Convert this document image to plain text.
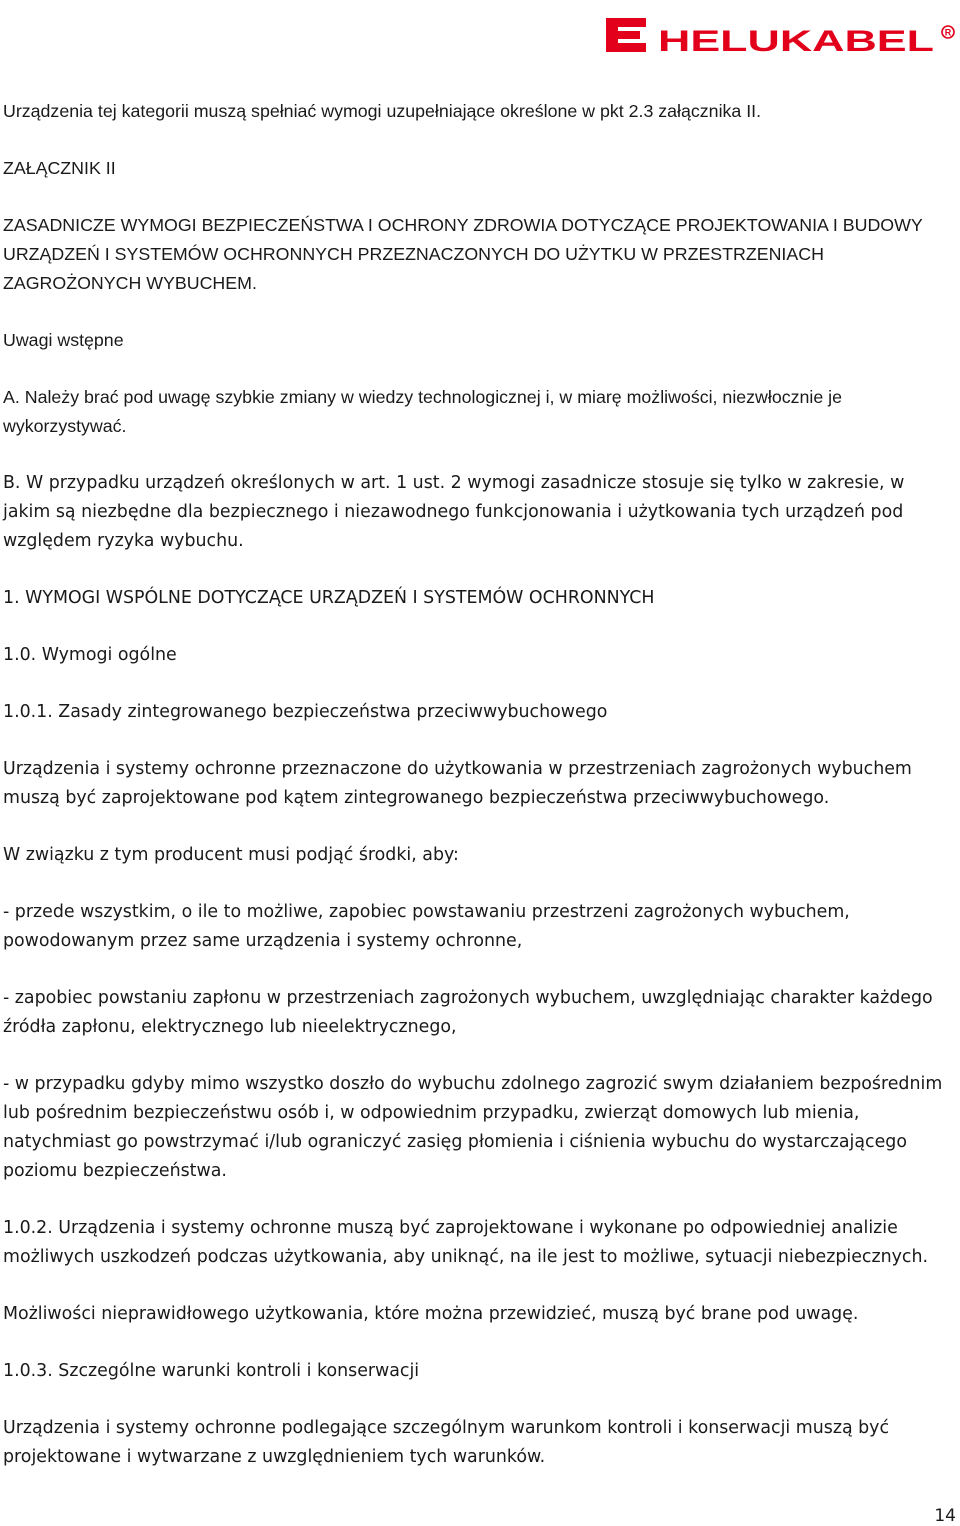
HELUKABEL R

Urządzenia tej kategorii muszą spełniać wymogi uzupełniające określone w pkt 2.3 załącznika II.

ZAŁĄCZNIK II

ZASADNICZE WYMOGI BEZPIECZEŃSTWA I OCHRONY ZDROWIA DOTYCZĄCE PROJEKTOWANIA I BUDOWY
URZĄDZEŃ I SYSTEMÓW OCHRONNYCH PRZEZNACZONYCH DO UŻYTKU W PRZESTRZENIACH
ZAGROŻONYCH WYBUCHEM.

Uwagi wstępne

A. Należy brać pod uwagę szybkie zmiany w wiedzy technologicznej i, w miarę możliwości, niezwłocznie je
wykorzystywać.

B. W przypadku urządzeń określonych w art. 1 ust. 2 wymogi zasadnicze stosuje się tylko w zakresie, w
jakim są niezbędne dla bezpiecznego i niezawodnego funkcjonowania i użytkowania tych urządzeń pod
względem ryzyka wybuchu.

1. WYMOGI WSPÓLNE DOTYCZĄCE URZĄDZEŃ I SYSTEMÓW OCHRONNYCH

1.0. Wymogi ogólne

1.0.1. Zasady zintegrowanego bezpieczeństwa przeciwwybuchowego

Urządzenia i systemy ochronne przeznaczone do użytkowania w przestrzeniach zagrożonych wybuchem
muszą być zaprojektowane pod kątem zintegrowanego bezpieczeństwa przeciwwybuchowego.

W związku z tym producent musi podjąć środki, aby:

- przede wszystkim, o ile to możliwe, zapobiec powstawaniu przestrzeni zagrożonych wybuchem,
powodowanym przez same urządzenia i systemy ochronne,

- zapobiec powstaniu zapłonu w przestrzeniach zagrożonych wybuchem, uwzględniając charakter każdego
źródła zapłonu, elektrycznego lub nieelektrycznego,

- w przypadku gdyby mimo wszystko doszło do wybuchu zdolnego zagrozić swym działaniem bezpośrednim
lub pośrednim bezpieczeństwu osób i, w odpowiednim przypadku, zwierząt domowych lub mienia,
natychmiast go powstrzymać i/lub ograniczyć zasięg płomienia i ciśnienia wybuchu do wystarczającego
poziomu bezpieczeństwa.

1.0.2. Urządzenia i systemy ochronne muszą być zaprojektowane i wykonane po odpowiedniej analizie
możliwych uszkodzeń podczas użytkowania, aby uniknąć, na ile jest to możliwe, sytuacji niebezpiecznych.

Możliwości nieprawidłowego użytkowania, które można przewidzieć, muszą być brane pod uwagę.

1.0.3. Szczególne warunki kontroli i konserwacji

Urządzenia i systemy ochronne podlegające szczególnym warunkom kontroli i konserwacji muszą być
projektowane i wytwarzane z uwzględnieniem tych warunków.

14
